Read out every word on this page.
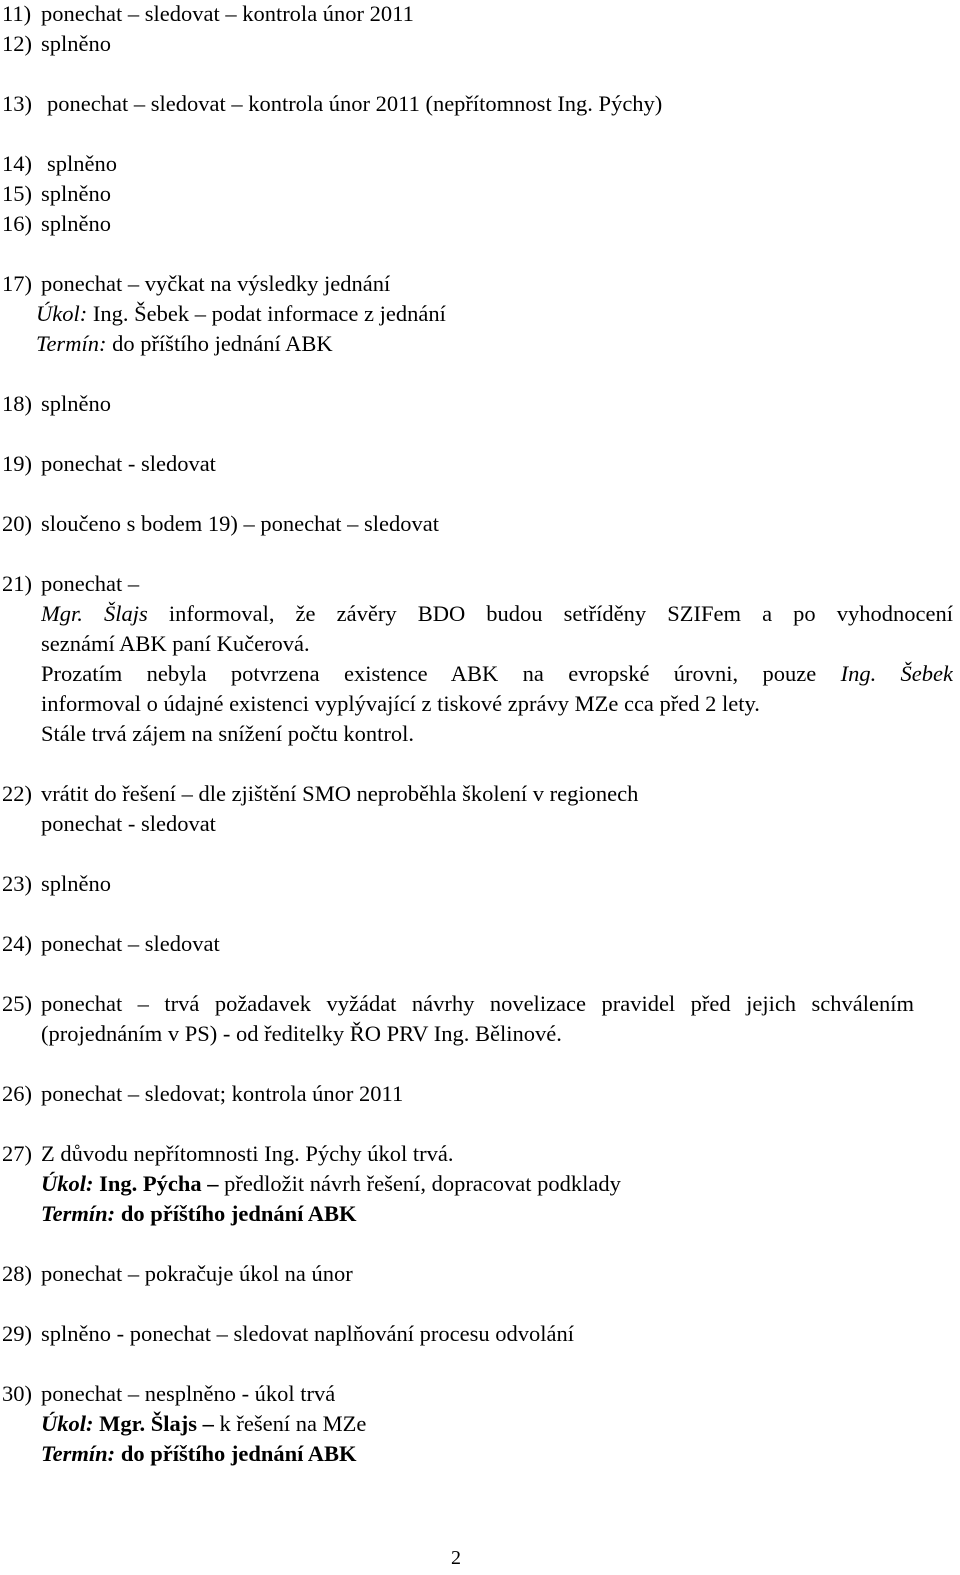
11) ponechat – sledovat – kontrola únor 2011
12) splněno
13) ponechat – sledovat – kontrola únor 2011 (nepřítomnost Ing. Pýchy)
14) splněno
15) splněno
16) splněno
17) ponechat – vyčkat na výsledky jednání
Úkol: Ing. Šebek – podat informace z jednání
Termín: do příštího jednání ABK
18) splněno
19) ponechat - sledovat
20) sloučeno s bodem 19) – ponechat – sledovat
21) ponechat –
Mgr. Šlajs informoval, že závěry BDO budou setříděny SZIFem a po vyhodnocení
seznámí ABK paní Kučerová.
Prozatím nebyla potvrzena existence ABK na evropské úrovni, pouze Ing. Šebek
informoval o údajné existenci vyplývající z tiskové zprávy MZe cca před 2 lety.
Stále trvá zájem na snížení počtu kontrol.
22) vrátit do řešení – dle zjištění SMO neproběhla školení v regionech
ponechat - sledovat
23) splněno
24) ponechat – sledovat
25) ponechat – trvá požadavek vyžádat návrhy novelizace pravidel před jejich schválením
(projednáním v PS) - od ředitelky ŘO PRV Ing. Bělinové.
26) ponechat – sledovat; kontrola únor 2011
27) Z důvodu nepřítomnosti Ing. Pýchy úkol trvá.
Úkol: Ing. Pýcha – předložit návrh řešení, dopracovat podklady
Termín: do příštího jednání ABK
28) ponechat – pokračuje úkol na únor
29) splněno - ponechat – sledovat naplňování procesu odvolání
30) ponechat – nesplněno - úkol trvá
Úkol: Mgr. Šlajs – k řešení na MZe
Termín: do příštího jednání ABK
2
